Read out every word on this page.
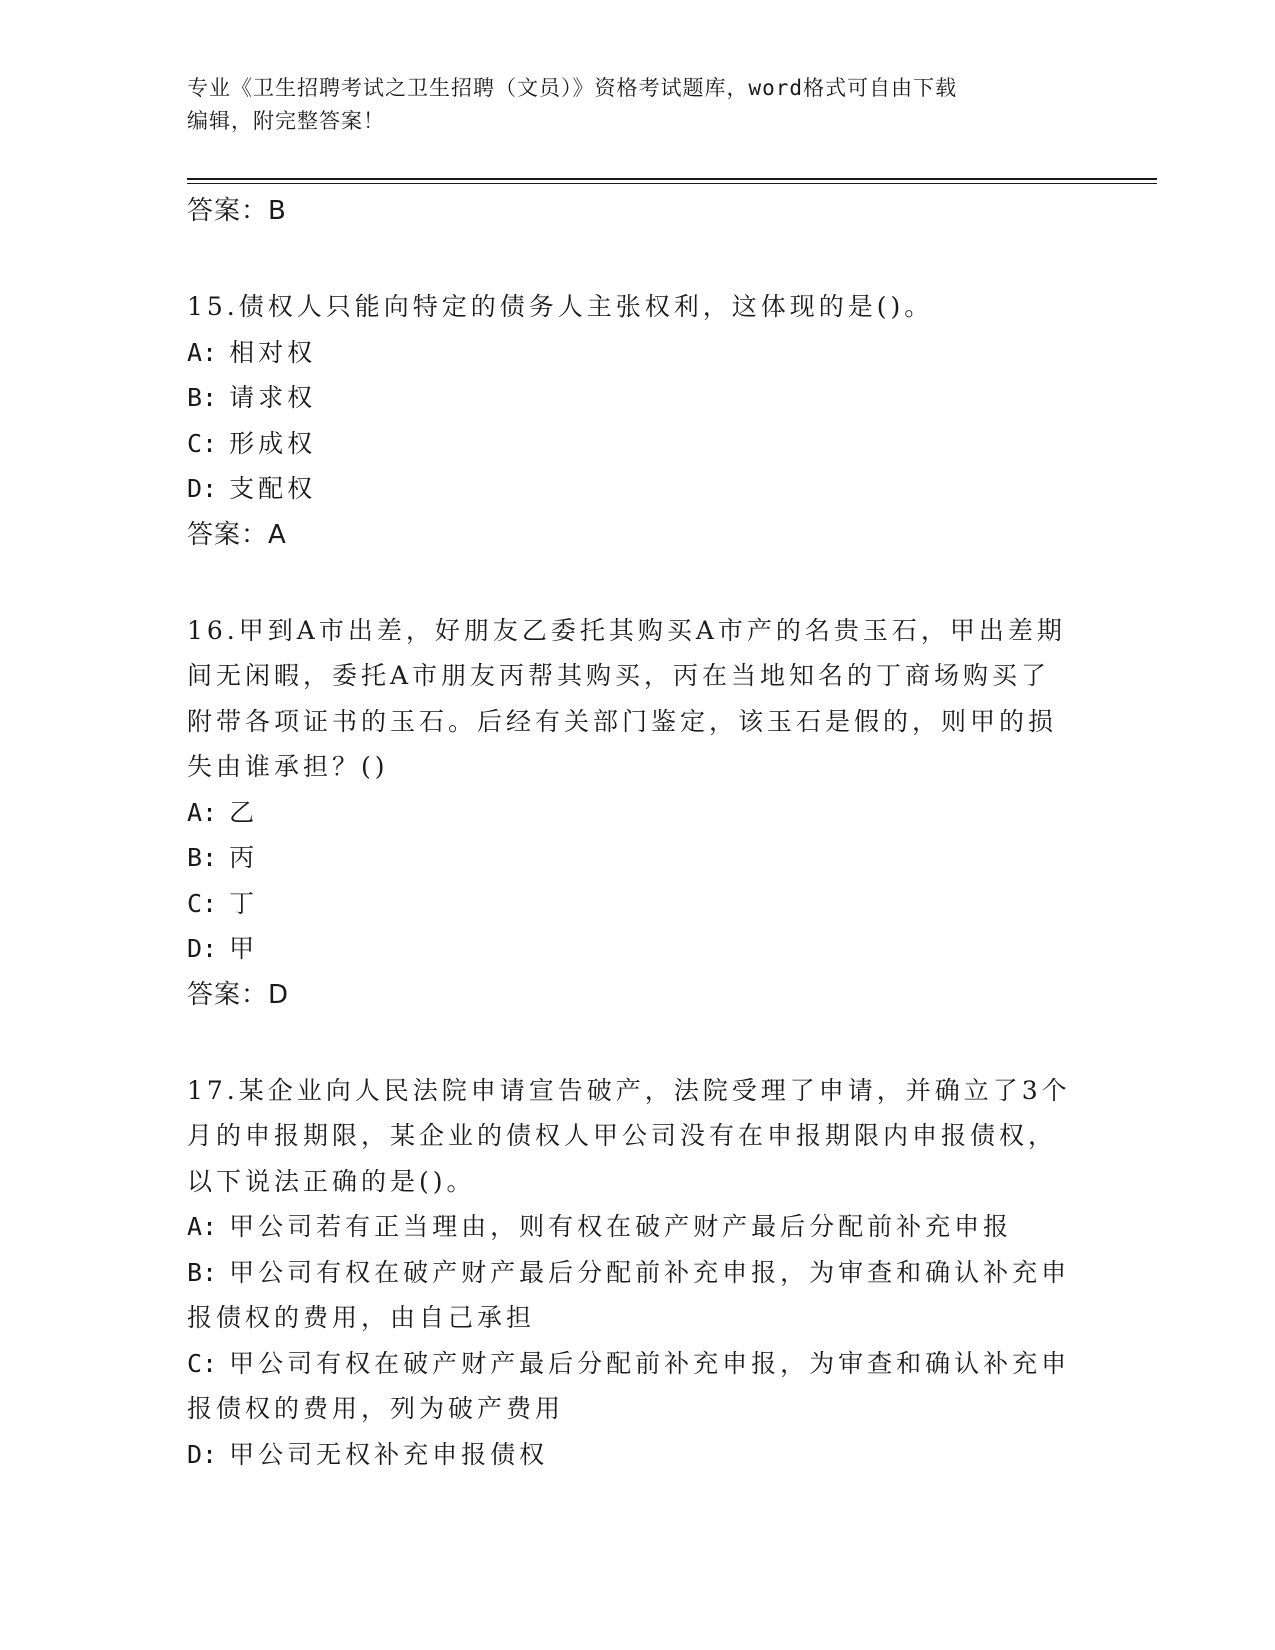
专业《卫生招聘考试之卫生招聘（文员）》资格考试题库，word格式可自由下载
编辑，附完整答案！
答案：B
15.债权人只能向特定的债务人主张权利，这体现的是()。
A: 相对权
B: 请求权
C: 形成权
D: 支配权
答案：A
16.甲到A市出差，好朋友乙委托其购买A市产的名贵玉石，甲出差期
间无闲暇，委托A市朋友丙帮其购买，丙在当地知名的丁商场购买了
附带各项证书的玉石。后经有关部门鉴定，该玉石是假的，则甲的损
失由谁承担？()
A: 乙
B: 丙
C: 丁
D: 甲
答案：D
17.某企业向人民法院申请宣告破产，法院受理了申请，并确立了3个
月的申报期限，某企业的债权人甲公司没有在申报期限内申报债权，
以下说法正确的是()。
A: 甲公司若有正当理由，则有权在破产财产最后分配前补充申报
B: 甲公司有权在破产财产最后分配前补充申报，为审查和确认补充申
报债权的费用，由自己承担
C: 甲公司有权在破产财产最后分配前补充申报，为审查和确认补充申
报债权的费用，列为破产费用
D: 甲公司无权补充申报债权
